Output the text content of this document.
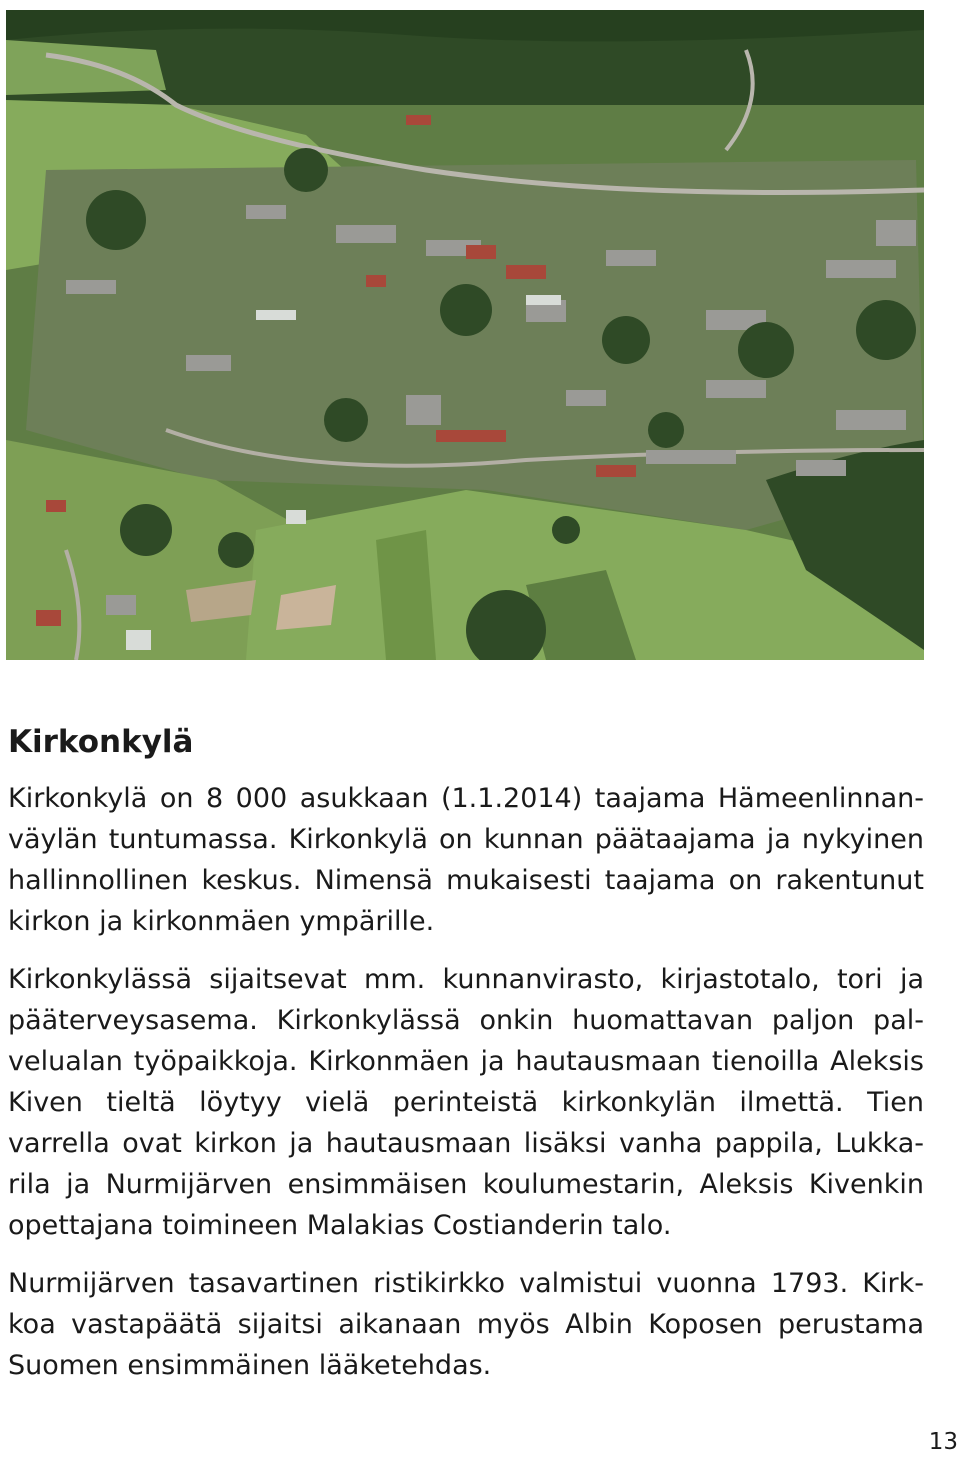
Kirkonkylä

Kirkonkylä on 8 000 asukkaan (1.1.2014) taajama Hämeenlinnanväylän tuntumassa. Kirkonkylä on kunnan päätaajama ja nykyinen hallinnollinen keskus. Nimensä mukaisesti taajama on rakentunut kirkon ja kirkonmäen ympärille.

Kirkonkylässä sijaitsevat mm. kunnanvirasto, kirjastotalo, tori ja pääterveysasema. Kirkonkylässä onkin huomattavan paljon palvelualan työpaikkoja. Kirkonmäen ja hautausmaan tienoilla Aleksis Kiven tieltä löytyy vielä perinteistä kirkonkylän ilmettä. Tien varrella ovat kirkon ja hautausmaan lisäksi vanha pappila, Lukkarila ja Nurmijärven ensimmäisen koulumestarin, Aleksis Kivenkin opettajana toimineen Malakias Costianderin talo.

Nurmijärven tasavartinen ristikirkko valmistui vuonna 1793. Kirkkoa vastapäätä sijaitsi aikanaan myös Albin Koposen perustama Suomen ensimmäinen lääketehdas.

13
